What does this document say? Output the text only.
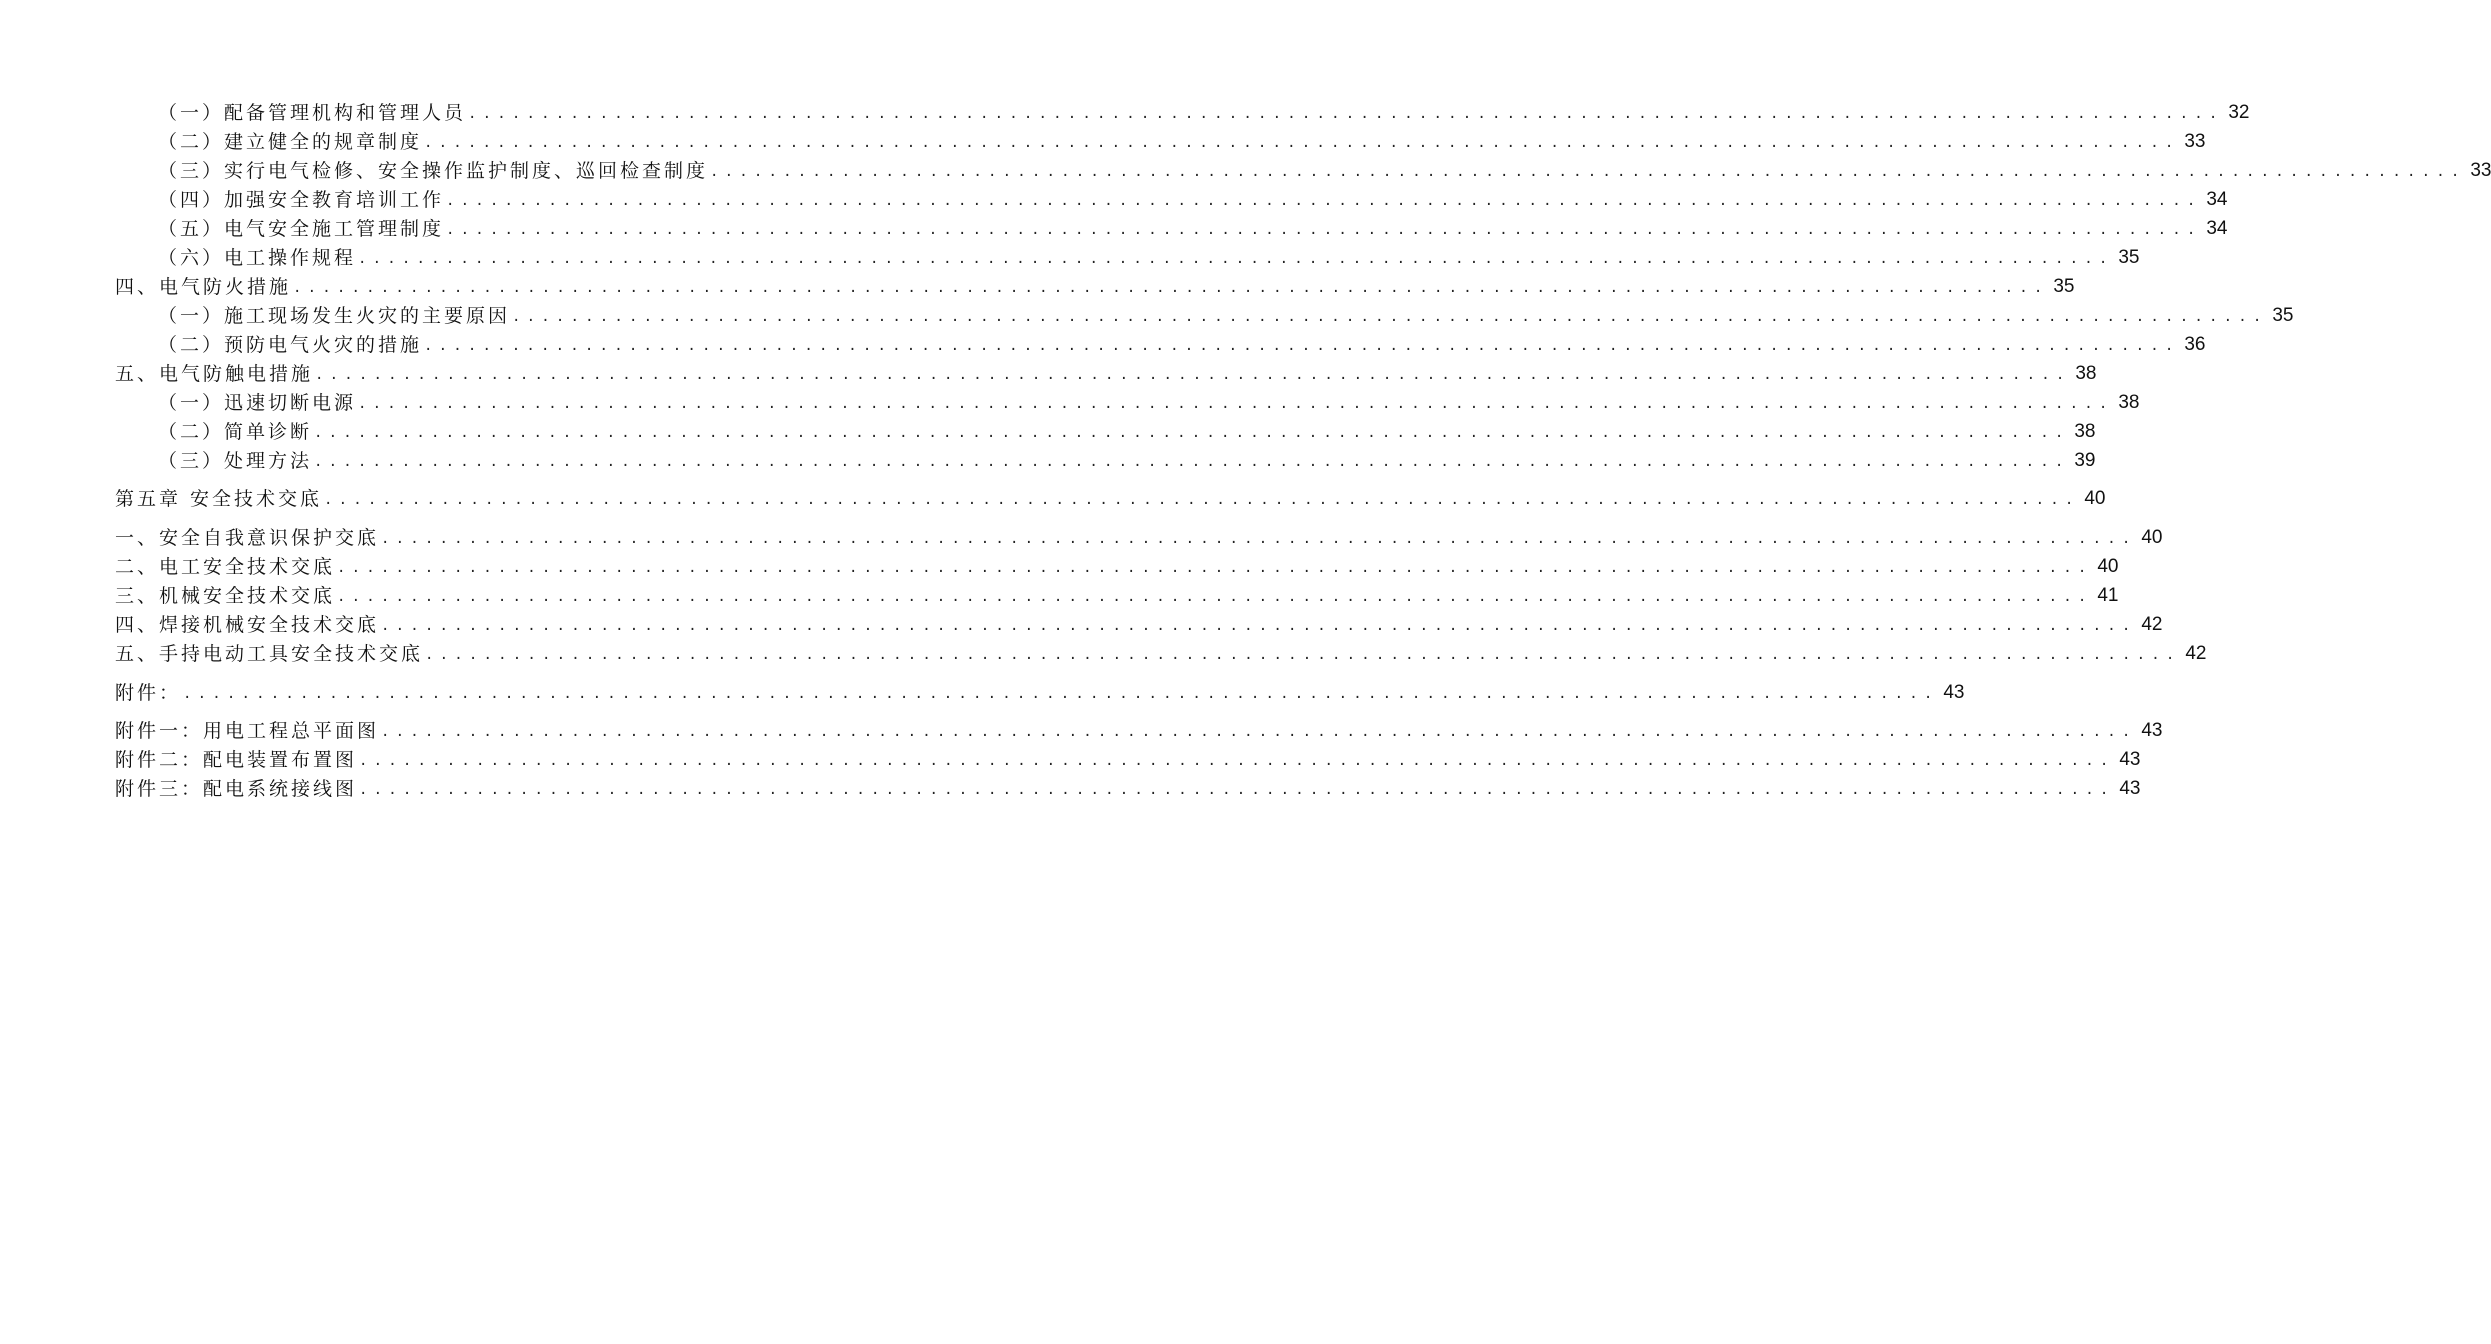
（一）配备管理机构和管理人员 ........................................................................................................................ 32
（二）建立健全的规章制度 ........................................................................................................................ 33
（三）实行电气检修、安全操作监护制度、巡回检查制度 ........................................................................................................................ 33
（四）加强安全教育培训工作 ........................................................................................................................ 34
（五）电气安全施工管理制度 ........................................................................................................................ 34
（六）电工操作规程 ........................................................................................................................ 35
四、电气防火措施 ........................................................................................................................ 35
（一）施工现场发生火灾的主要原因 ........................................................................................................................ 35
（二）预防电气火灾的措施 ........................................................................................................................ 36
五、电气防触电措施 ........................................................................................................................ 38
（一）迅速切断电源 ........................................................................................................................ 38
（二）简单诊断 ........................................................................................................................ 38
（三）处理方法 ........................................................................................................................ 39
第五章 安全技术交底 ........................................................................................................................ 40
一、安全自我意识保护交底 ........................................................................................................................ 40
二、电工安全技术交底 ........................................................................................................................ 40
三、机械安全技术交底 ........................................................................................................................ 41
四、焊接机械安全技术交底 ........................................................................................................................ 42
五、手持电动工具安全技术交底 ........................................................................................................................ 42
附件： ........................................................................................................................ 43
附件一：用电工程总平面图 ........................................................................................................................ 43
附件二：配电装置布置图 ........................................................................................................................ 43
附件三：配电系统接线图 ........................................................................................................................ 43
